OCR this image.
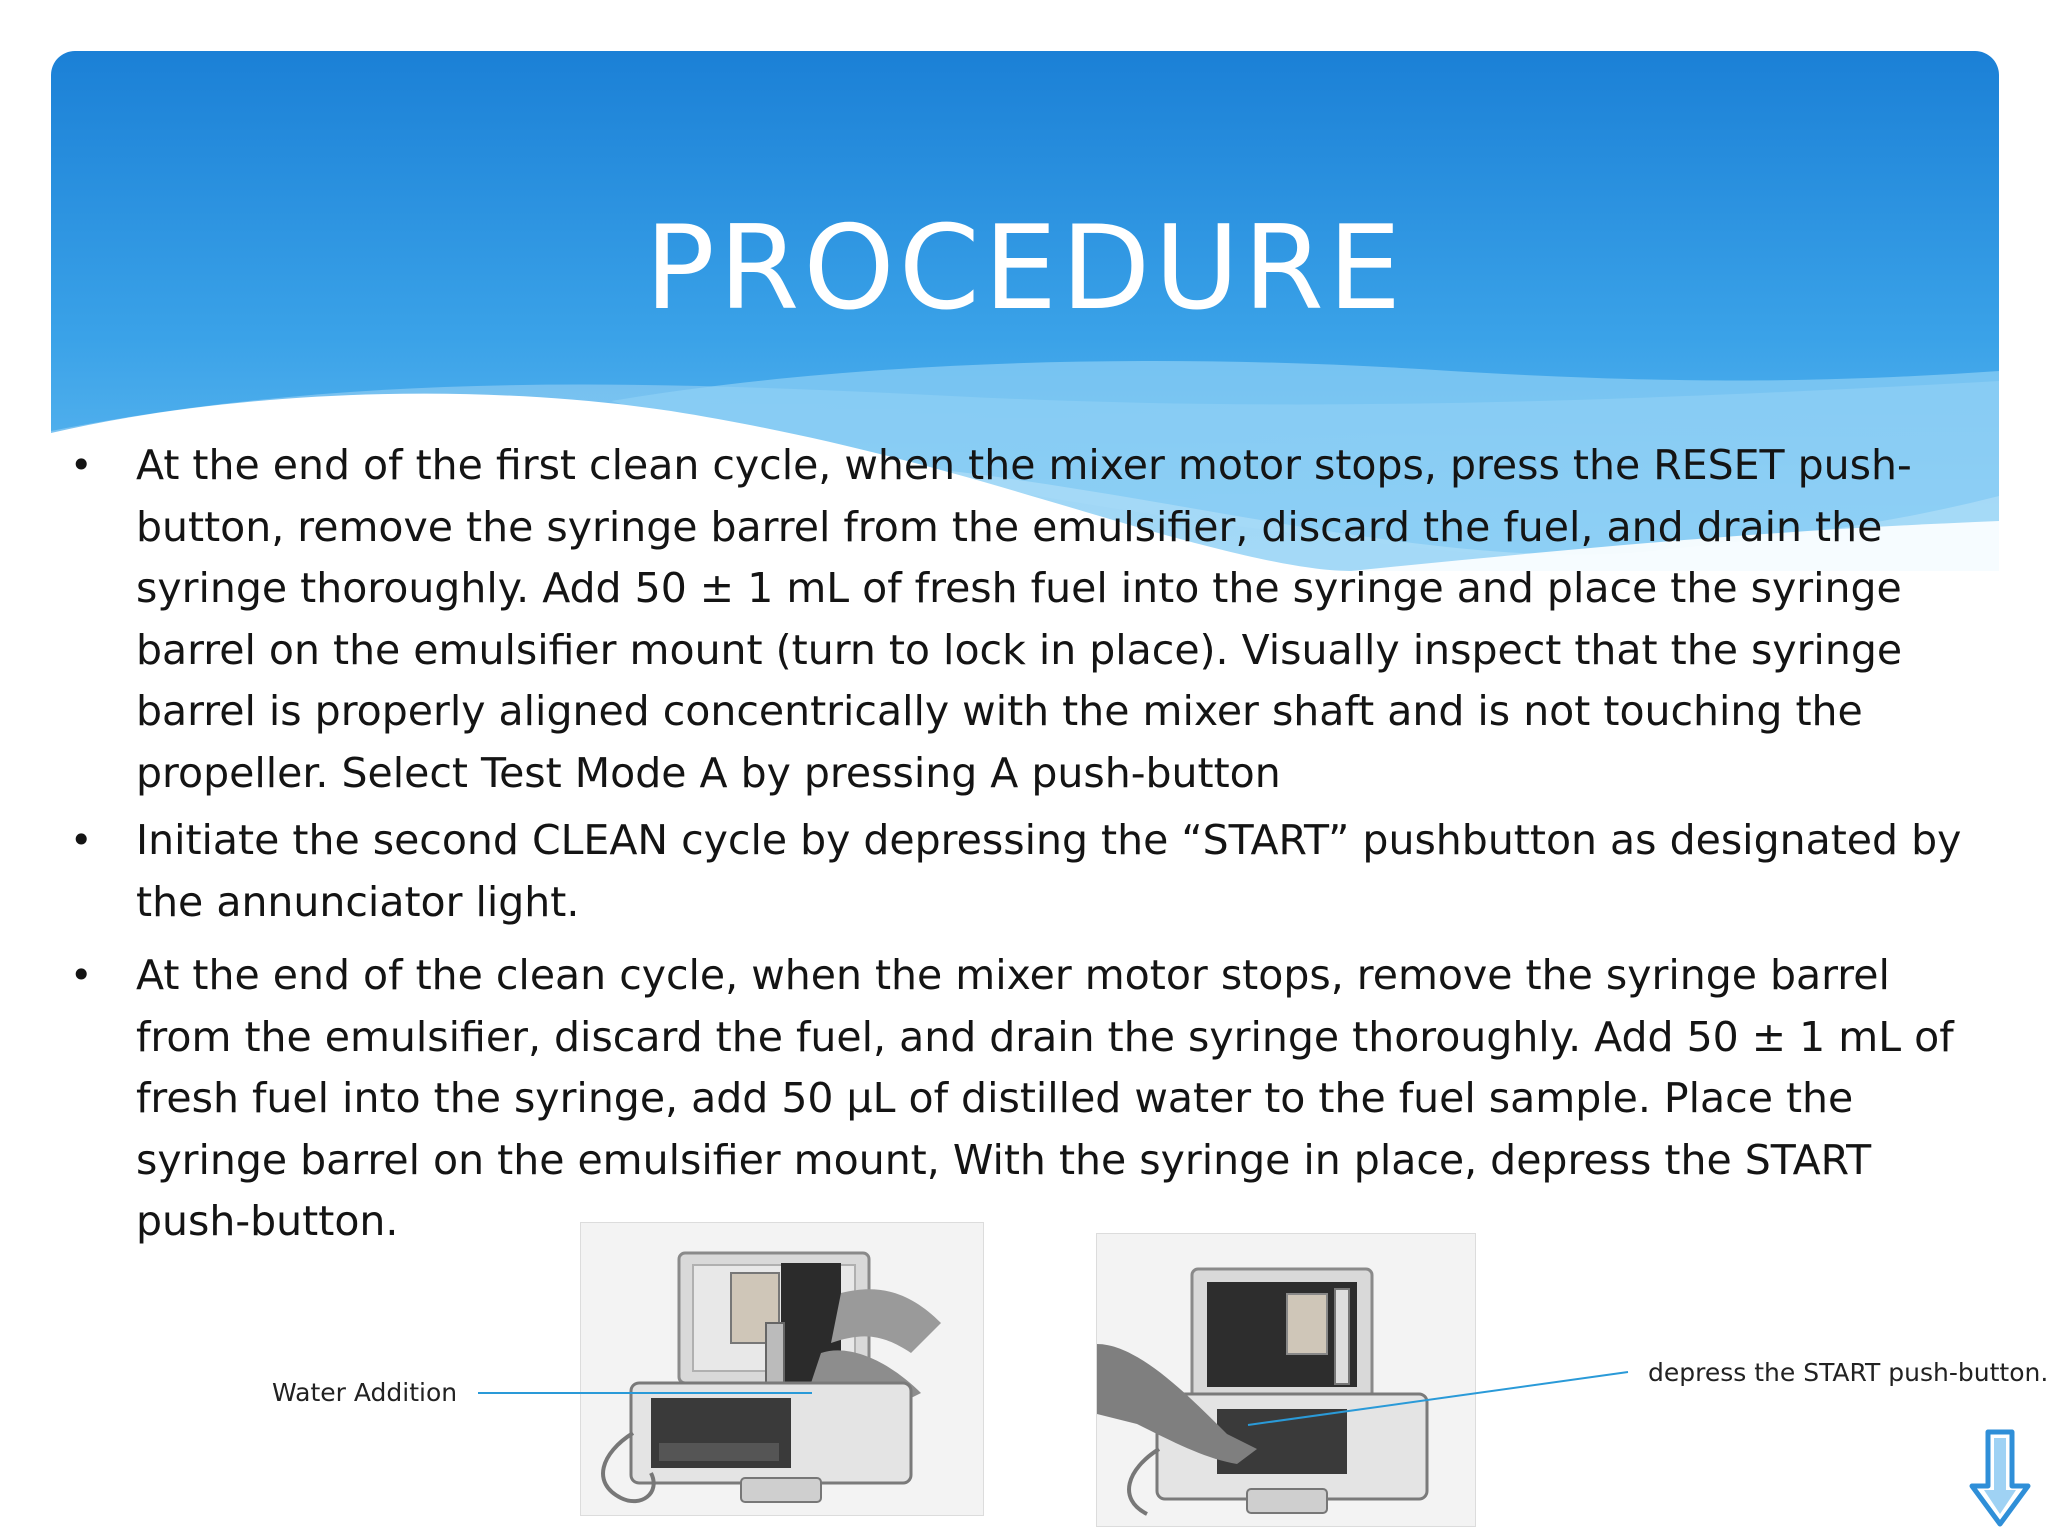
PROCEDURE
• At the end of the first clean cycle, when the mixer motor stops, press the RESET push-button, remove the syringe barrel from the emulsifier, discard the fuel, and drain the syringe thoroughly. Add 50 ± 1 mL of fresh fuel into the syringe and place the syringe barrel on the emulsifier mount (turn to lock in place). Visually inspect that the syringe barrel is properly aligned concentrically with the mixer shaft and is not touching the propeller. Select Test Mode A by pressing A push-button
• Initiate the second CLEAN cycle by depressing the “START” pushbutton as designated by the annunciator light.
• At the end of the clean cycle, when the mixer motor stops, remove the syringe barrel from the emulsifier, discard the fuel, and drain the syringe thoroughly. Add 50 ± 1 mL of fresh fuel into the syringe, add 50 µL of distilled water to the fuel sample. Place the syringe barrel on the emulsifier mount, With the syringe in place, depress the START push-button.
Water Addition
depress the START push-button.
